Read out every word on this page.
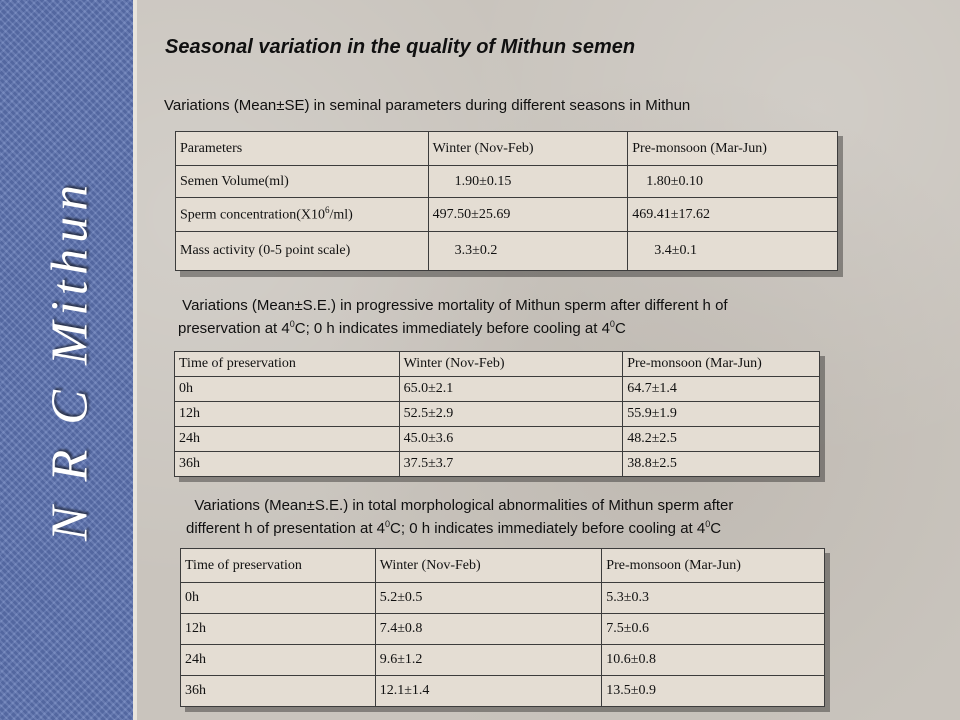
N R C Mithun
Seasonal variation in the quality of Mithun semen

Variations (Mean±SE) in seminal parameters during different seasons in Mithun

Parameters	Winter (Nov-Feb)	Pre-monsoon (Mar-Jun)
Semen Volume(ml)	1.90±0.15	1.80±0.10
Sperm $concentration(X10^6/ml)$	497.50±25.69	469.41±17.62
Mass activity (0-5 point scale)	3.3±0.2	3.4±0.1

Variations (Mean±S.E.) in progressive mortality of Mithun sperm after different h of
preservation at $4^0C$; 0 h indicates immediately before cooling at $4^0C$

Time of preservation	Winter (Nov-Feb)	Pre-monsoon (Mar-Jun)
0h	65.0±2.1	64.7±1.4
12h	52.5±2.9	55.9±1.9
24h	45.0±3.6	48.2±2.5
36h	37.5±3.7	38.8±2.5

Variations (Mean±S.E.) in total morphological abnormalities of Mithun sperm after
different h of presentation at $4^0C$; 0 h indicates immediately before cooling at $4^0C$

Time of preservation	Winter (Nov-Feb)	Pre-monsoon (Mar-Jun)
0h	5.2±0.5	5.3±0.3
12h	7.4±0.8	7.5±0.6
24h	9.6±1.2	10.6±0.8
36h	12.1±1.4	13.5±0.9
